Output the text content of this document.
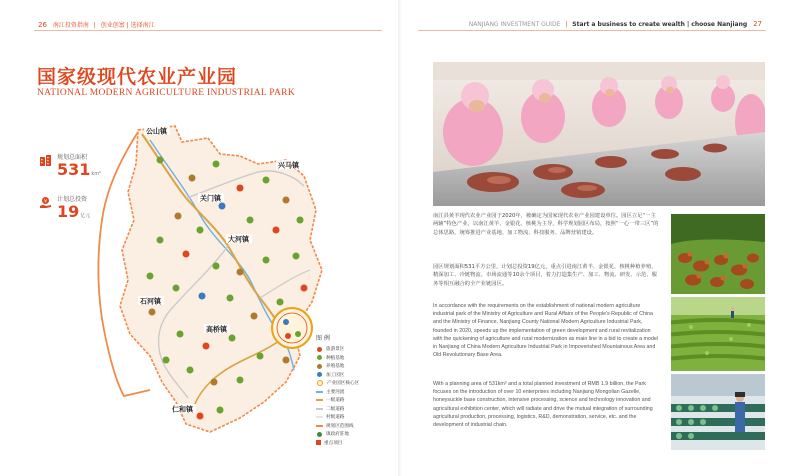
26 南江投资指南 | 创业创富 | 选择南江	NANJIANG INVESTMENT GUIDE | Start a business to create wealth | choose Nanjiang 27
国家级现代农业产业园
NATIONAL MODERN AGRICULTURE INDUSTRIAL PARK
规划总面积
531km²
¥ 计划总投资
19亿元
公山镇
关门镇
兴马镇
大河镇
石河镇
高桥镇
仁和镇
图 例
旅游景区
种植基地
养殖基地
加工园区
产业园区核心区
主要河流
一级道路
二级道路
村级道路
规划区范围线
镇政府驻地
重点项目
南江县黄羊现代农业产业园于2020年，被确定为国家现代农业产业园建设单位。园区立足“一主两辅”特色产业，以南江黄羊、金银花、核桃为主导，科学规划园区布局，按照“一心一带三区”的总体思路，统筹推进产业基地、加工物流、科技服务、品牌营销建设。
园区规划面积531平方公里，计划总投资19亿元，重点引进南江黄羊、金银花、核桃种植养殖、精深加工、冷链物流、市场流通等10余个项目，着力打造集生产、加工、物流、研发、示范、服务等相互融合的全产业链园区。
In accordance with the requirements on the establishment of national modern agriculture industrial park of the Ministry of Agriculture and Rural Affairs of the People's Republic of China and the Ministry of Finance, Nanjiang County National Modern Agriculture Industrial Park, founded in 2020, speeds up the implementation of green development and rural revitalization with the quickening of agriculture and rural modernization as main line in a bid to create a model in Nanjiang of China Modern Agriculture Industrial Park in Impoverished Mountainous Area and Old Revolutionary Base Area.
With a planning area of 531km² and a total planned investment of RMB 1.9 billion, the Park focuses on the introduction of over 10 enterprises including Nanjiang Mongolian Gazelle, honeysuckle base construction, intensive processing, science and technology innovation and agricultural exhibition center, which will radiate and drive the mutual integration of surrounding agricultural production, processing, logistics, R&D, demonstration, service, etc. and the development of industrial chain.
